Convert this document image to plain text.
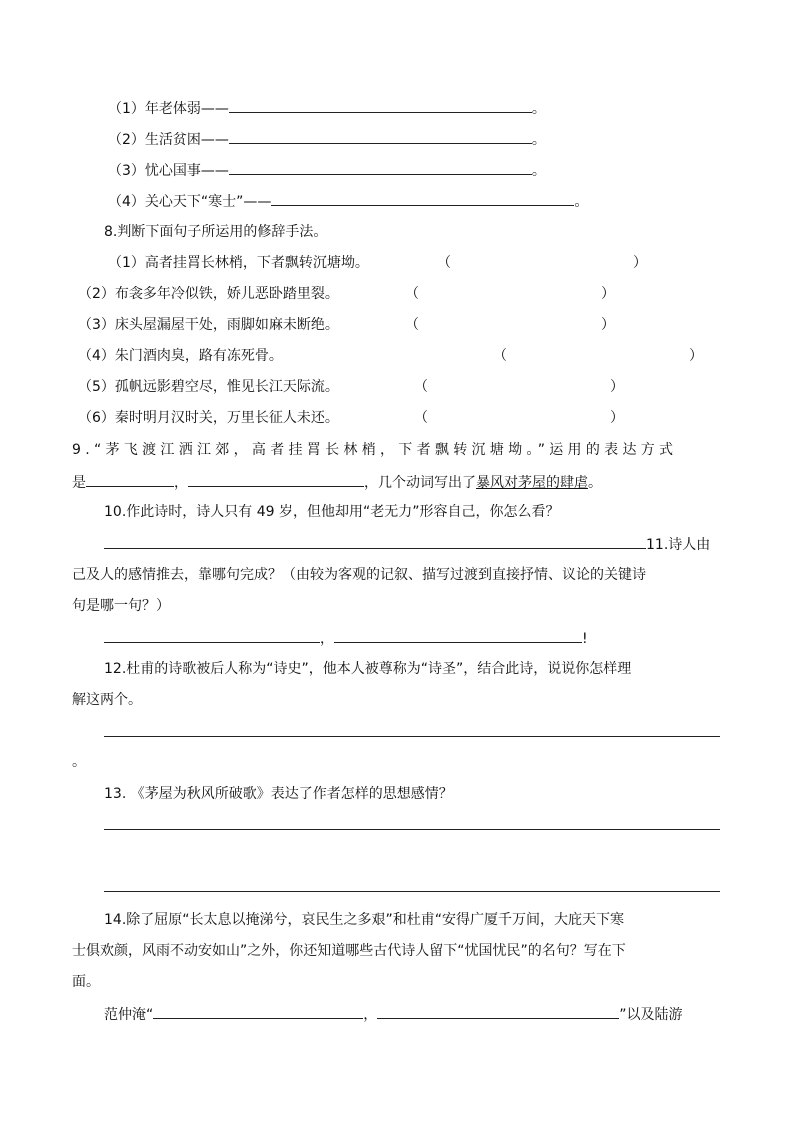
（1）年老体弱——	。
（2）生活贫困——	。
（3）忧心国事——	。
（4）关心天下“寒士”——	。
8.判断下面句子所运用的修辞手法。
（1）高者挂罥长林梢，下者飘转沉塘坳。	（	）
（2）布衾多年冷似铁，娇儿恶卧踏里裂。	（	）
（3）床头屋漏屋干处，雨脚如麻未断绝。	（	）
（4）朱门酒肉臭，路有冻死骨。	（	）
（5）孤帆远影碧空尽，惟见长江天际流。	（	）
（6）秦时明月汉时关，万里长征人未还。	（	）
9.“茅飞渡江洒江郊，高者挂罥长林梢，下者飘转沉塘坳。”运用的表达方式
是	，	，几个动词写出了暴风对茅屋的肆虐。
10.作此诗时，诗人只有 49 岁，但他却用“老无力”形容自己，你怎么看？
11.诗人由
己及人的感情推去，靠哪句完成？（由较为客观的记叙、描写过渡到直接抒情、议论的关键诗
句是哪一句？）
，	!
12.杜甫的诗歌被后人称为“诗史”，他本人被尊称为“诗圣”，结合此诗，说说你怎样理
解这两个。
。
13. 《茅屋为秋风所破歌》表达了作者怎样的思想感情？
14.除了屈原“长太息以掩涕兮，哀民生之多艰”和杜甫“安得广厦千万间，大庇天下寒
士俱欢颜，风雨不动安如山”之外，你还知道哪些古代诗人留下“忧国忧民”的名句？写在下
面。
范仲淹“	，	”以及陆游
